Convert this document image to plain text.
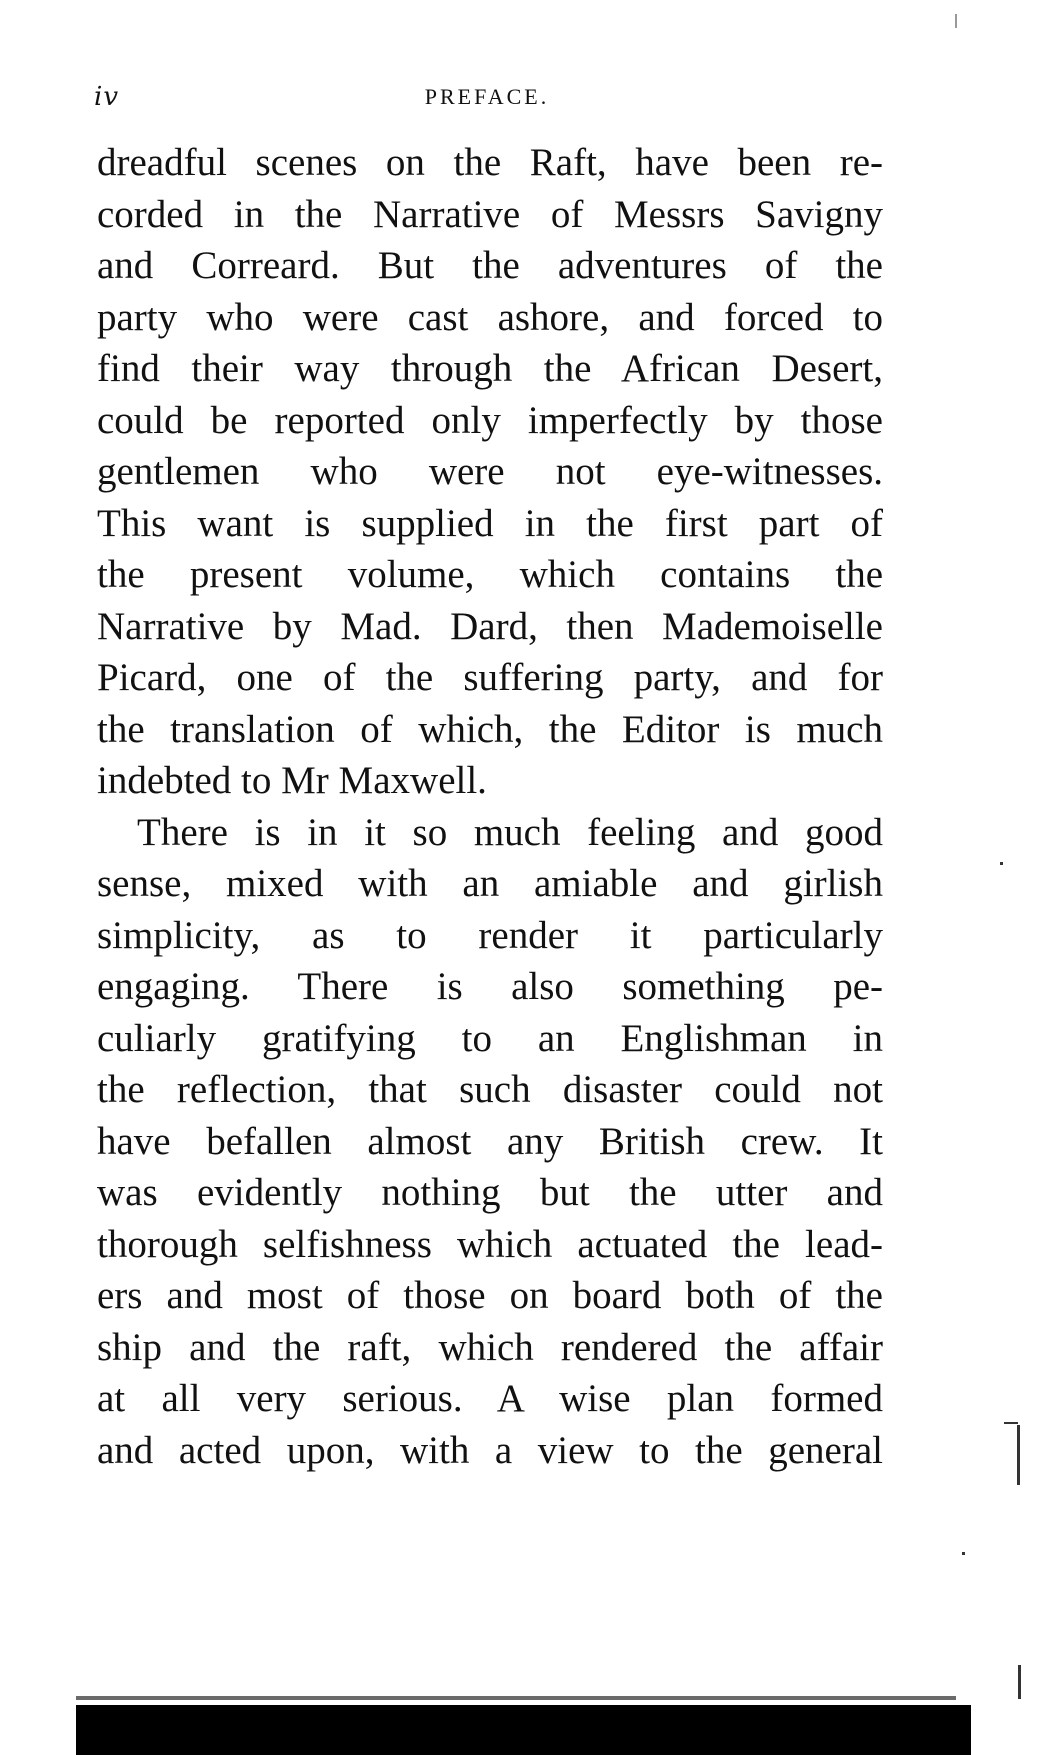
iv	PREFACE.
dreadful scenes on the Raft, have been re-
corded in the Narrative of Messrs Savigny
and Correard. But the adventures of the
party who were cast ashore, and forced to
find their way through the African Desert,
could be reported only imperfectly by those
gentlemen who were not eye-witnesses.
This want is supplied in the first part of
the present volume, which contains the
Narrative by Mad. Dard, then Mademoiselle
Picard, one of the suffering party, and for
the translation of which, the Editor is much
indebted to Mr Maxwell.
There is in it so much feeling and good
sense, mixed with an amiable and girlish
simplicity, as to render it particularly
engaging. There is also something pe-
culiarly gratifying to an Englishman in
the reflection, that such disaster could not
have befallen almost any British crew. It
was evidently nothing but the utter and
thorough selfishness which actuated the lead-
ers and most of those on board both of the
ship and the raft, which rendered the affair
at all very serious. A wise plan formed
and acted upon, with a view to the general
